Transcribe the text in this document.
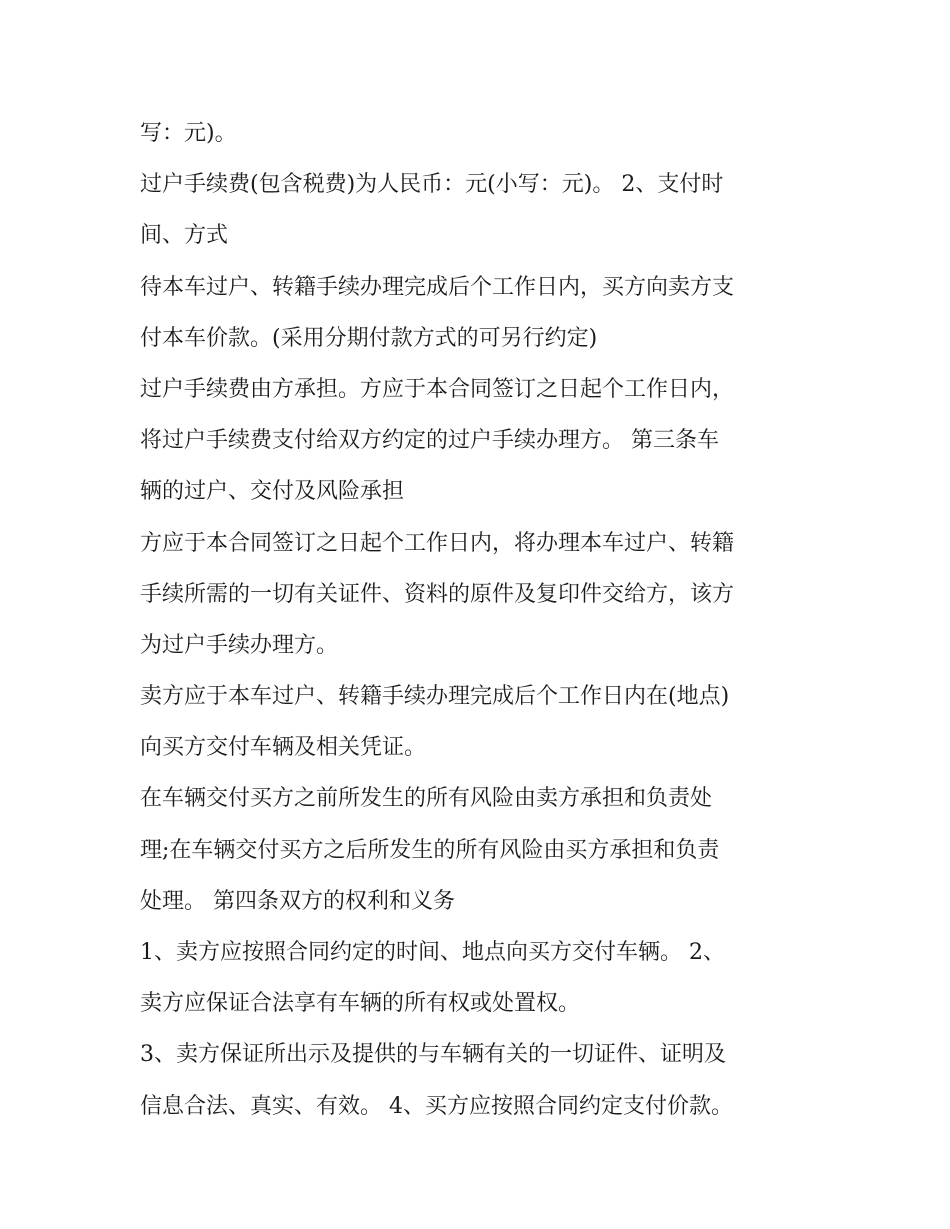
写：元)。
过户手续费(包含税费)为人民币：元(小写：元)。 2、支付时
间、方式
待本车过户、转籍手续办理完成后个工作日内，买方向卖方支
付本车价款。(采用分期付款方式的可另行约定)
过户手续费由方承担。方应于本合同签订之日起个工作日内，
将过户手续费支付给双方约定的过户手续办理方。 第三条车
辆的过户、交付及风险承担
方应于本合同签订之日起个工作日内，将办理本车过户、转籍
手续所需的一切有关证件、资料的原件及复印件交给方，该方
为过户手续办理方。
卖方应于本车过户、转籍手续办理完成后个工作日内在(地点)
向买方交付车辆及相关凭证。
在车辆交付买方之前所发生的所有风险由卖方承担和负责处
理;在车辆交付买方之后所发生的所有风险由买方承担和负责
处理。 第四条双方的权利和义务
1、卖方应按照合同约定的时间、地点向买方交付车辆。 2、
卖方应保证合法享有车辆的所有权或处置权。
3、卖方保证所出示及提供的与车辆有关的一切证件、证明及
信息合法、真实、有效。 4、买方应按照合同约定支付价款。
